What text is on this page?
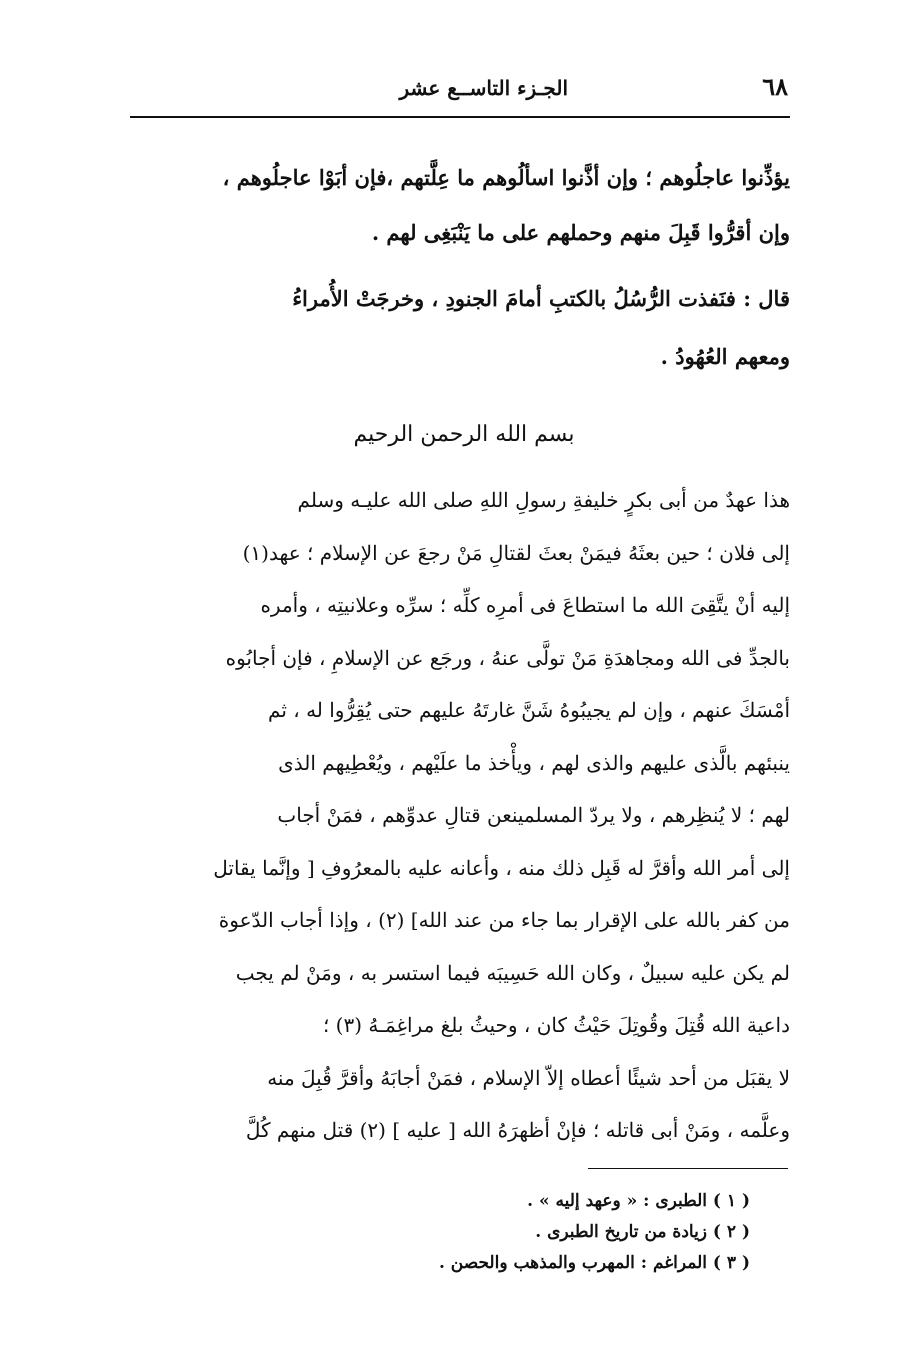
٦٨
الجـزء التاســع عشر
يؤذِّنوا عاجلُوهم ؛ وإن أذَّنوا اسألُوهم ما عِلَّتهم ،فإن أبَوْا عاجلُوهم ،
وإن أقرُّوا قَبِلَ منهم وحملهم على ما يَنْبَغِى لهم .
قال : فنَفذت الرُّسُلُ بالكتبِ أمامَ الجنودِ ، وخرجَتْ الأُمراءُ
ومعهم العُهُودُ .
بسم الله الرحمن الرحيم
هذا عهدٌ من أبى بكرٍ خليفةِ رسولِ اللهِ صلى الله عليـه وسلم
إلى فلان ؛ حين بعثَهُ فيمَنْ بعثَ لقتالِ مَنْ رجعَ عن الإسلام ؛ عهد(١)
إليه أنْ يتَّقِىَ الله ما استطاعَ فى أمرِه كلِّه ؛ سرِّه وعلانيتِه ، وأمره
بالجدِّ فى الله ومجاهدَةِ مَنْ تولَّى عنهُ ، ورجَع عن الإسلامِ ، فإن أجابُوه
أمْسَكَ عنهم ، وإن لم يجيبُوهُ شَنَّ غارتَهُ عليهم حتى يُقِرُّوا له ، ثم
ينبئهم بالَّذى عليهم والذى لهم ، ويأْخذ ما علَيْهم ، ويُعْطِيهم الذى
لهم ؛ لا يُنظِرهم ، ولا يردّ المسلمينعن قتالِ عدوِّهم ، فمَنْ أجاب
إلى أمر الله وأقرَّ له قَبِل ذلك منه ، وأعانه عليه بالمعرُوفِ [ وإنَّما يقاتل
من كفر بالله على الإقرار بما جاء من عند الله] (٢) ، وإذا أجاب الدّعوة
لم يكن عليه سبيلٌ ، وكان الله حَسِيبَه فيما استسر به ، ومَنْ لم يجب
داعية الله قُتِلَ وقُوتِلَ حَيْثُ كان ، وحيثُ بلغ مراغِمَـهُ (٣) ؛
لا يقبَل من أحد شيئًا أعطاه إلاّ الإسلام ، فمَنْ أجابَهُ وأقرَّ قُبِلَ منه
وعلَّمه ، ومَنْ أبى قاتله ؛ فإنْ أظهرَهُ الله [ عليه ] (٢) قتل منهم كُلَّ
( ١ ) الطبرى : « وعهد إليه » .
( ٢ ) زيادة من تاريخ الطبرى .
( ٣ ) المراغم : المهرب والمذهب والحصن .
